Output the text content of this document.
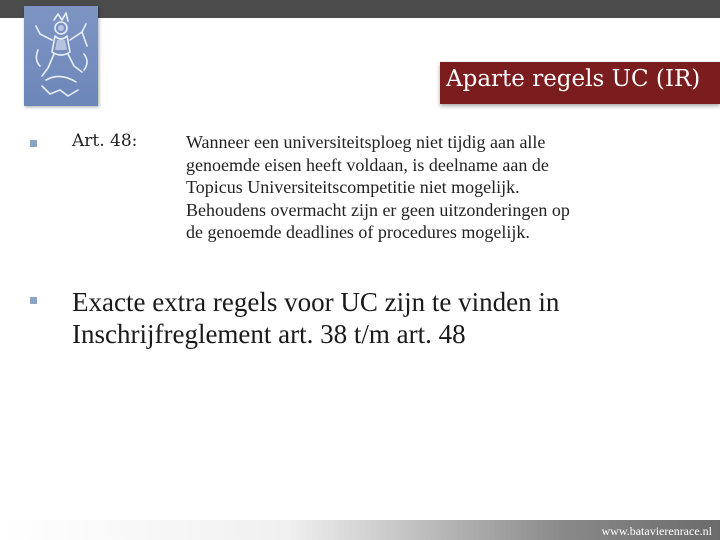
Aparte regels UC (IR)
Art. 48:	Wanneer een universiteitsploeg niet tijdig aan alle
genoemde eisen heeft voldaan, is deelname aan de
Topicus Universiteitscompetitie niet mogelijk.
Behoudens overmacht zijn er geen uitzonderingen op
de genoemde deadlines of procedures mogelijk.
Exacte extra regels voor UC zijn te vinden in
Inschrijfreglement art. 38 t/m art. 48
www.batavierenrace.nl
